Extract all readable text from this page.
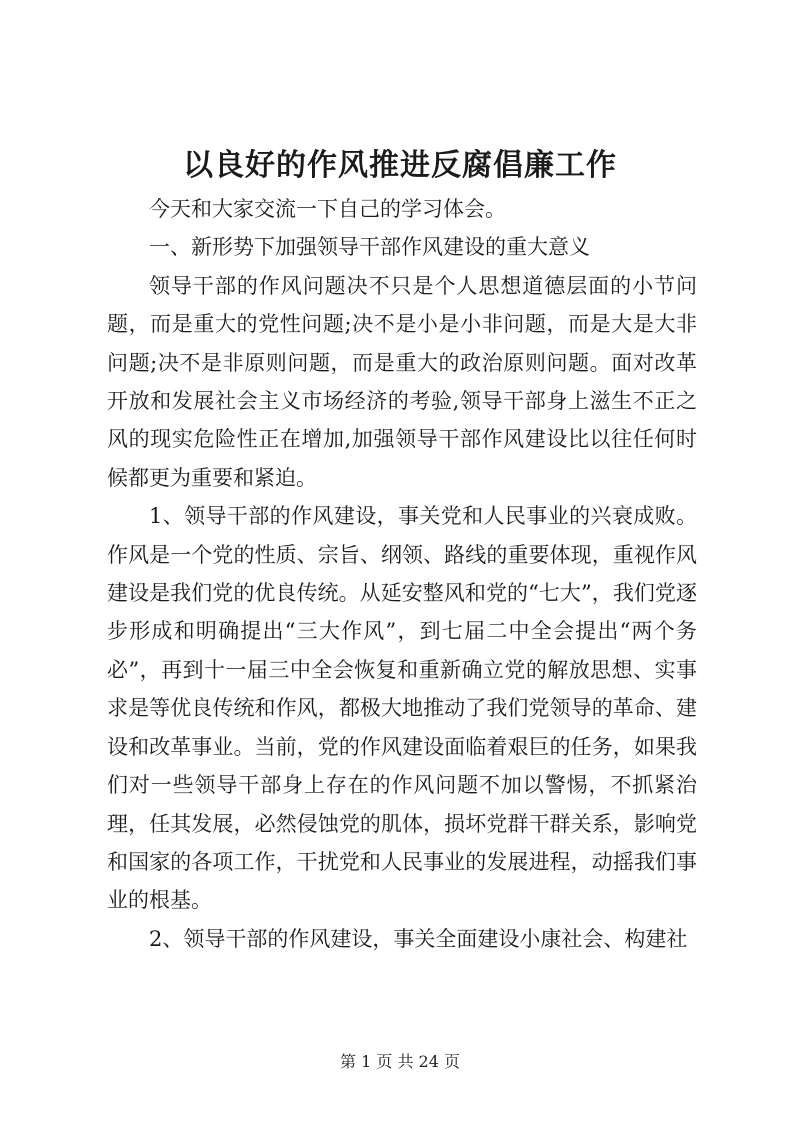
以良好的作风推进反腐倡廉工作

今天和大家交流一下自己的学习体会。

一、新形势下加强领导干部作风建设的重大意义

领导干部的作风问题决不只是个人思想道德层面的小节问题，而是重大的党性问题;决不是小是小非问题，而是大是大非问题;决不是非原则问题，而是重大的政治原则问题。面对改革开放和发展社会主义市场经济的考验,领导干部身上滋生不正之风的现实危险性正在增加,加强领导干部作风建设比以往任何时候都更为重要和紧迫。

1、领导干部的作风建设，事关党和人民事业的兴衰成败。作风是一个党的性质、宗旨、纲领、路线的重要体现，重视作风建设是我们党的优良传统。从延安整风和党的“七大”，我们党逐步形成和明确提出“三大作风”，到七届二中全会提出“两个务必”，再到十一届三中全会恢复和重新确立党的解放思想、实事求是等优良传统和作风，都极大地推动了我们党领导的革命、建设和改革事业。当前，党的作风建设面临着艰巨的任务，如果我们对一些领导干部身上存在的作风问题不加以警惕，不抓紧治理，任其发展，必然侵蚀党的肌体，损坏党群干群关系，影响党和国家的各项工作，干扰党和人民事业的发展进程，动摇我们事业的根基。

2、领导干部的作风建设，事关全面建设小康社会、构建社

第 1 页 共 24 页
